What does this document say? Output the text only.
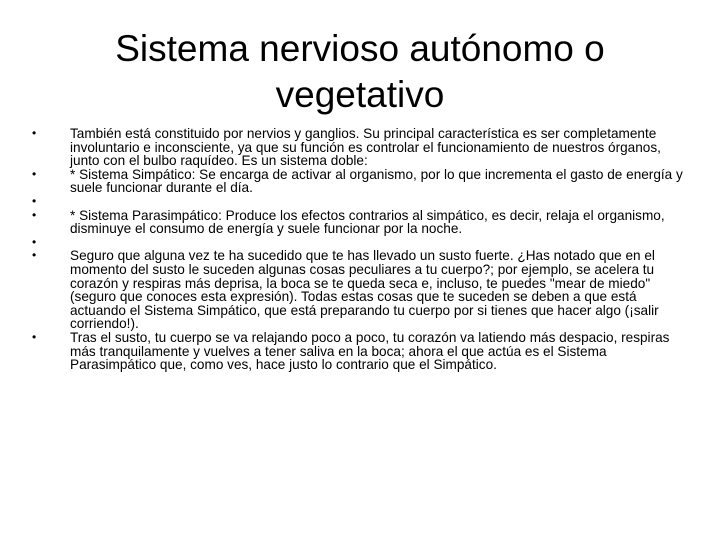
Sistema nervioso autónomo o
vegetativo
•	También está constituido por nervios y ganglios. Su principal característica es ser completamente involuntario e inconsciente, ya que su función es controlar el funcionamiento de nuestros órganos, junto con el bulbo raquídeo. Es un sistema doble:
•	* Sistema Simpático: Se encarga de activar al organismo, por lo que incrementa el gasto de energía y suele funcionar durante el día.
•
•	* Sistema Parasimpático: Produce los efectos contrarios al simpático, es decir, relaja el organismo, disminuye el consumo de energía y suele funcionar por la noche.
•
•	Seguro que alguna vez te ha sucedido que te has llevado un susto fuerte. ¿Has notado que en el momento del susto le suceden algunas cosas peculiares a tu cuerpo?; por ejemplo, se acelera tu corazón y respiras más deprisa, la boca se te queda seca e, incluso, te puedes "mear de miedo" (seguro que conoces esta expresión). Todas estas cosas que te suceden se deben a que está actuando el Sistema Simpático, que está preparando tu cuerpo por si tienes que hacer algo (¡salir corriendo!).
•	Tras el susto, tu cuerpo se va relajando poco a poco, tu corazón va latiendo más despacio, respiras más tranquilamente y vuelves a tener saliva en la boca; ahora el que actúa es el Sistema Parasimpático que, como ves, hace justo lo contrario que el Simpático.
